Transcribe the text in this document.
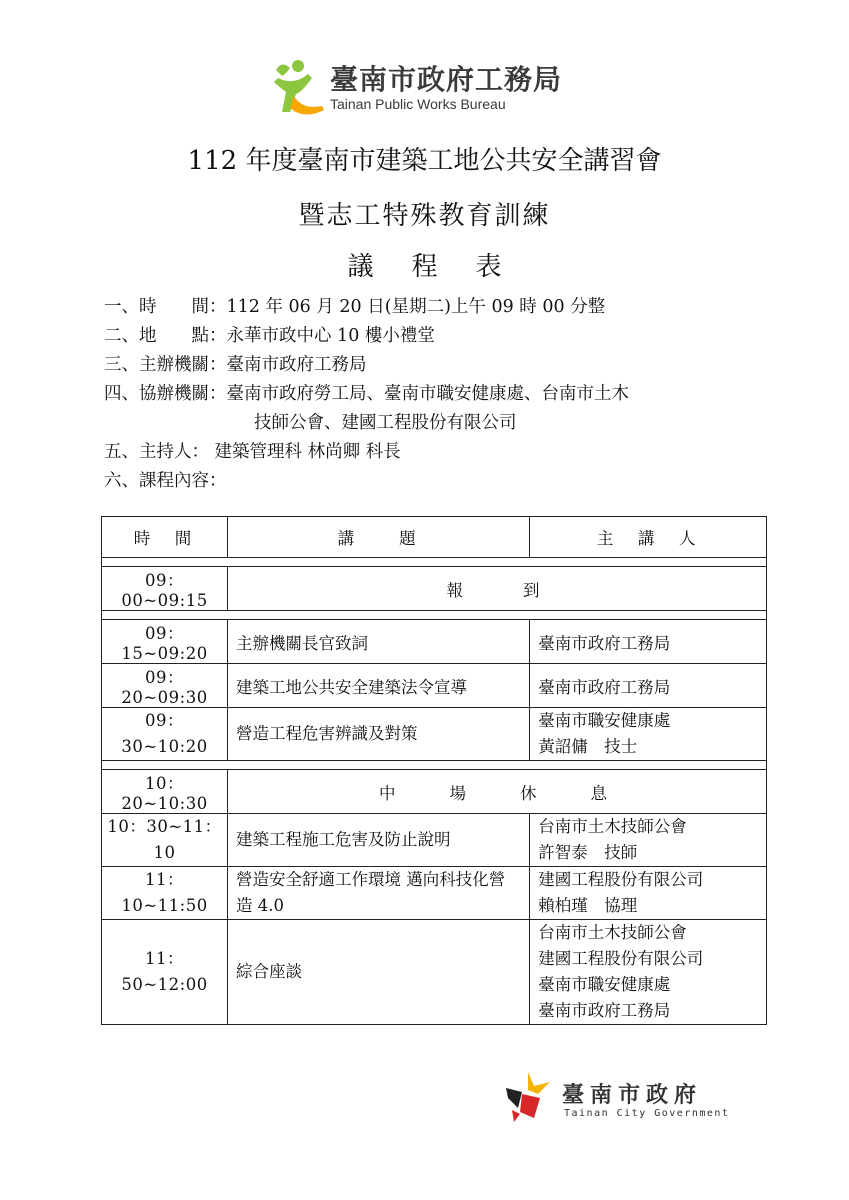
臺南市政府工務局
Tainan Public Works Bureau
112 年度臺南市建築工地公共安全講習會
暨志工特殊教育訓練
議程表
一、時　　間：112 年 06 月 20 日(星期二)上午 09 時 00 分整
二、地　　點：永華市政中心 10 樓小禮堂
三、主辦機關：臺南市政府工務局
四、協辦機關：臺南市政府勞工局、臺南市職安健康處、台南市土木
技師公會、建國工程股份有限公司
五、主持人： 建築管理科 林尚卿 科長
六、課程內容：
時　間	講　　題	主　講　人

09：00~09:15	報到	

09：15~09:20	主辦機關長官致詞	臺南市政府工務局
09：20~09:30	建築工地公共安全建築法令宣導	臺南市政府工務局
09：30~10:20	營造工程危害辨識及對策	臺南市職安健康處
黃詔傭　技士

10：20~10:30	中場休息	
10：30~11：10	建築工程施工危害及防止說明	台南市土木技師公會
許智泰　技師

11：10~11:50	營造安全舒適工作環境 邁向科技化營造 4.0	建國工程股份有限公司
賴柏瑾　協理

11：50~12:00	綜合座談	台南市土木技師公會
建國工程股份有限公司
臺南市職安健康處
臺南市政府工務局
臺南市政府
Tainan City Government
